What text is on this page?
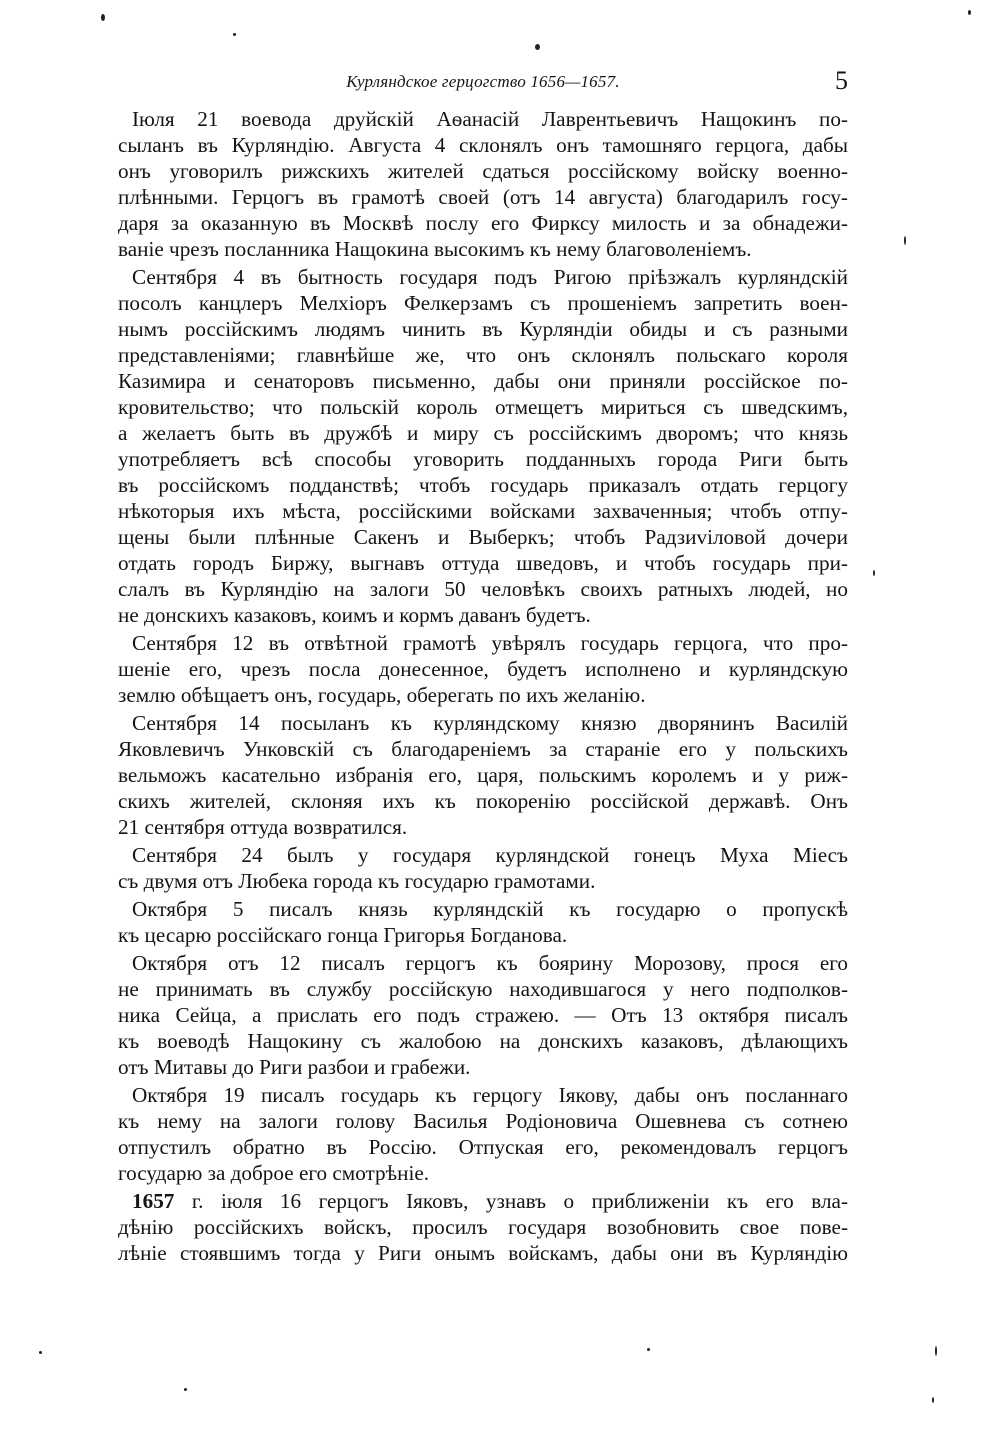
Курляндское герцогство 1656—1657.	5

Іюля 21 воевода друйскій Аѳанасій Лаврентьевичъ Нащокинъ по-
сыланъ въ Курляндію. Августа 4 склонялъ онъ тамошняго герцога, дабы
онъ уговорилъ рижскихъ жителей сдаться россійскому войску военно-
плѣнными. Герцогъ въ грамотѣ своей (отъ 14 августа) благодарилъ госу-
даря за оказанную въ Москвѣ послу его Фирксу милость и за обнадежи-
ваніе чрезъ посланника Нащокина высокимъ къ нему благоволеніемъ.

Сентября 4 въ бытность государя подъ Ригою пріѣзжалъ курляндскій
посолъ канцлеръ Мелхіоръ Фелкерзамъ съ прошеніемъ запретить воен-
нымъ россійскимъ людямъ чинить въ Курляндіи обиды и съ разными
представленіями; главнѣйше же, что онъ склонялъ польскаго короля
Казимира и сенаторовъ письменно, дабы они приняли россійское по-
кровительство; что польскій король отмещетъ мириться съ шведскимъ,
а желаетъ быть въ дружбѣ и миру съ россійскимъ дворомъ; что князь
употребляетъ всѣ способы уговорить подданныхъ города Риги быть
въ россійскомъ подданствѣ; чтобъ государь приказалъ отдать герцогу
нѣкоторыя ихъ мѣста, россійскими войсками захваченныя; чтобъ отпу-
щены были плѣнные Сакенъ и Выберкъ; чтобъ Радзиviловой дочери
отдать городъ Биржу, выгнавъ оттуда шведовъ, и чтобъ государь при-
слалъ въ Курляндію на залоги 50 человѣкъ своихъ ратныхъ людей, но
не донскихъ казаковъ, коимъ и кормъ даванъ будетъ.

Сентября 12 въ отвѣтной грамотѣ увѣрялъ государь герцога, что про-
шеніе его, чрезъ посла донесенное, будетъ исполнено и курляндскую
землю обѣщаетъ онъ, государь, оберегать по ихъ желанію.

Сентября 14 посыланъ къ курляндскому князю дворянинъ Василій
Яковлевичъ Унковскій съ благодареніемъ за стараніе его у польскихъ
вельможъ касательно избранія его, царя, польскимъ королемъ и у риж-
скихъ жителей, склоняя ихъ къ покоренію россійской державѣ. Онъ
21 сентября оттуда возвратился.

Сентября 24 былъ у государя курляндской гонецъ Муха Міесъ
съ двумя отъ Любека города къ государю грамотами.

Октября 5 писалъ князь курляндскій къ государю о пропускѣ
къ цесарю россійскаго гонца Григорья Богданова.

Октября отъ 12 писалъ герцогъ къ боярину Морозову, прося его
не принимать въ службу россійскую находившагося у него подполков-
ника Сейца, а прислать его подъ стражею. — Отъ 13 октября писалъ
къ воеводѣ Нащокину съ жалобою на донскихъ казаковъ, дѣлающихъ
отъ Митавы до Риги разбои и грабежи.

Октября 19 писалъ государь къ герцогу Іякову, дабы онъ посланнаго
къ нему на залоги голову Василья Родіоновича Ошевнева съ сотнею
отпустилъ обратно въ Россію. Отпуская его, рекомендовалъ герцогъ
государю за доброе его смотрѣніе.

1657 г. іюля 16 герцогъ Іяковъ, узнавъ о приближеніи къ его вла-
дѣнію россійскихъ войскъ, просилъ государя возобновить свое пове-
лѣніе стоявшимъ тогда у Риги онымъ войскамъ, дабы они въ Курляндію
